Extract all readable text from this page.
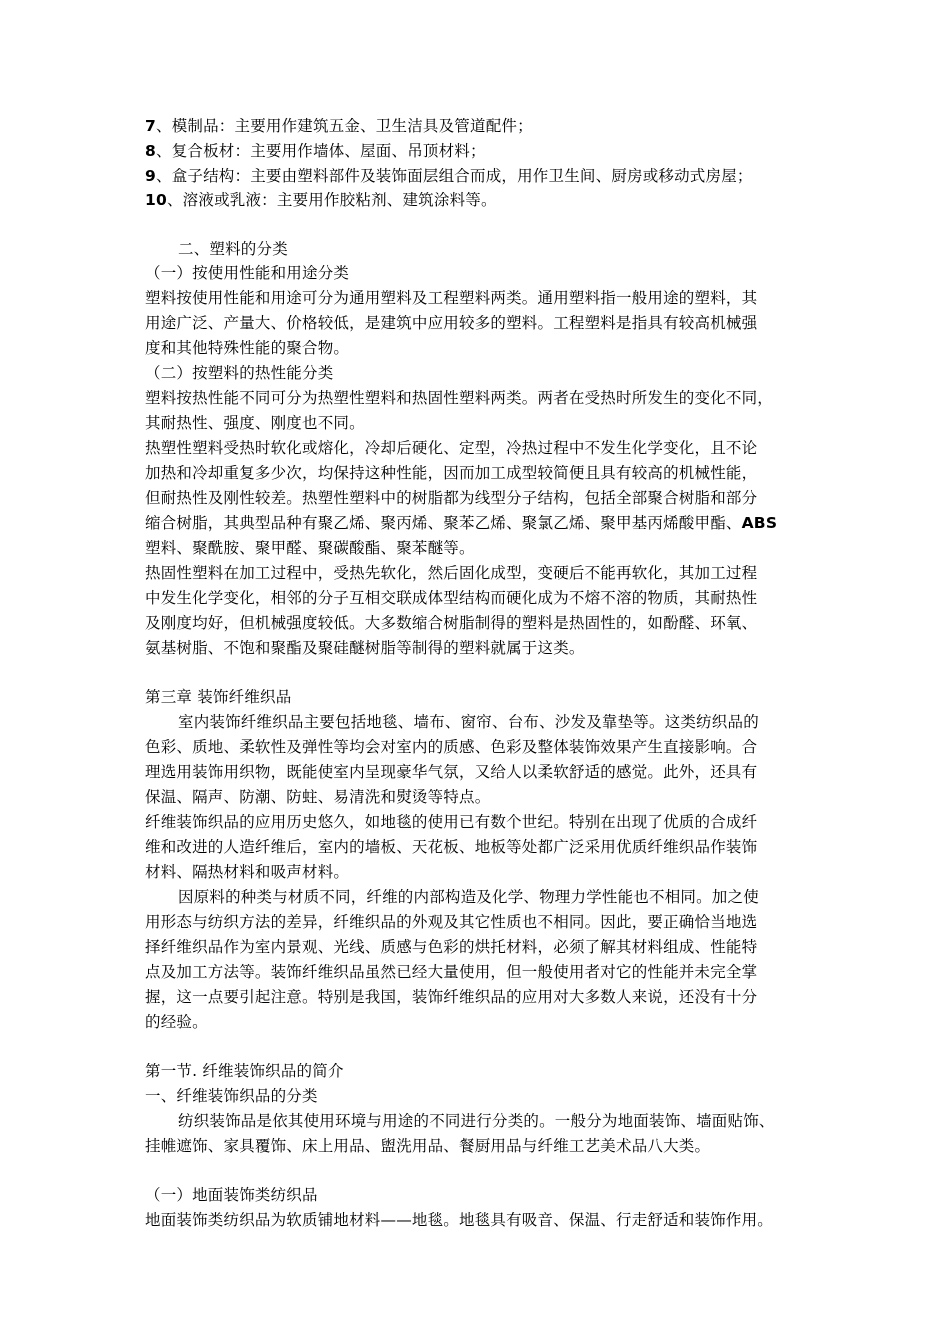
7、模制品：主要用作建筑五金、卫生洁具及管道配件；
8、复合板材：主要用作墙体、屋面、吊顶材料；
9、盒子结构：主要由塑料部件及装饰面层组合而成，用作卫生间、厨房或移动式房屋；
10、溶液或乳液：主要用作胶粘剂、建筑涂料等。
二、塑料的分类
（一）按使用性能和用途分类
塑料按使用性能和用途可分为通用塑料及工程塑料两类。通用塑料指一般用途的塑料，其
用途广泛、产量大、价格较低，是建筑中应用较多的塑料。工程塑料是指具有较高机械强
度和其他特殊性能的聚合物。
（二）按塑料的热性能分类
塑料按热性能不同可分为热塑性塑料和热固性塑料两类。两者在受热时所发生的变化不同，
其耐热性、强度、刚度也不同。
热塑性塑料受热时软化或熔化，冷却后硬化、定型，冷热过程中不发生化学变化，且不论
加热和冷却重复多少次，均保持这种性能，因而加工成型较简便且具有较高的机械性能，
但耐热性及刚性较差。热塑性塑料中的树脂都为线型分子结构，包括全部聚合树脂和部分
缩合树脂，其典型品种有聚乙烯、聚丙烯、聚苯乙烯、聚氯乙烯、聚甲基丙烯酸甲酯、ABS
塑料、聚酰胺、聚甲醛、聚碳酸酯、聚苯醚等。
热固性塑料在加工过程中，受热先软化，然后固化成型，变硬后不能再软化，其加工过程
中发生化学变化，相邻的分子互相交联成体型结构而硬化成为不熔不溶的物质，其耐热性
及刚度均好，但机械强度较低。大多数缩合树脂制得的塑料是热固性的，如酚醛、环氧、
氨基树脂、不饱和聚酯及聚硅醚树脂等制得的塑料就属于这类。
第三章 装饰纤维织品
室内装饰纤维织品主要包括地毯、墙布、窗帘、台布、沙发及靠垫等。这类纺织品的
色彩、质地、柔软性及弹性等均会对室内的质感、色彩及整体装饰效果产生直接影响。合
理选用装饰用织物，既能使室内呈现豪华气氛，又给人以柔软舒适的感觉。此外，还具有
保温、隔声、防潮、防蛀、易清洗和熨烫等特点。
纤维装饰织品的应用历史悠久，如地毯的使用已有数个世纪。特别在出现了优质的合成纤
维和改进的人造纤维后，室内的墙板、天花板、地板等处都广泛采用优质纤维织品作装饰
材料、隔热材料和吸声材料。
因原料的种类与材质不同，纤维的内部构造及化学、物理力学性能也不相同。加之使
用形态与纺织方法的差异，纤维织品的外观及其它性质也不相同。因此，要正确恰当地选
择纤维织品作为室内景观、光线、质感与色彩的烘托材料，必须了解其材料组成、性能特
点及加工方法等。装饰纤维织品虽然已经大量使用，但一般使用者对它的性能并未完全掌
握，这一点要引起注意。特别是我国，装饰纤维织品的应用对大多数人来说，还没有十分
的经验。
第一节. 纤维装饰织品的简介
一、纤维装饰织品的分类
纺织装饰品是依其使用环境与用途的不同进行分类的。一般分为地面装饰、墙面贴饰、
挂帷遮饰、家具覆饰、床上用品、盥洗用品、餐厨用品与纤维工艺美术品八大类。
（一）地面装饰类纺织品
地面装饰类纺织品为软质铺地材料——地毯。地毯具有吸音、保温、行走舒适和装饰作用。
